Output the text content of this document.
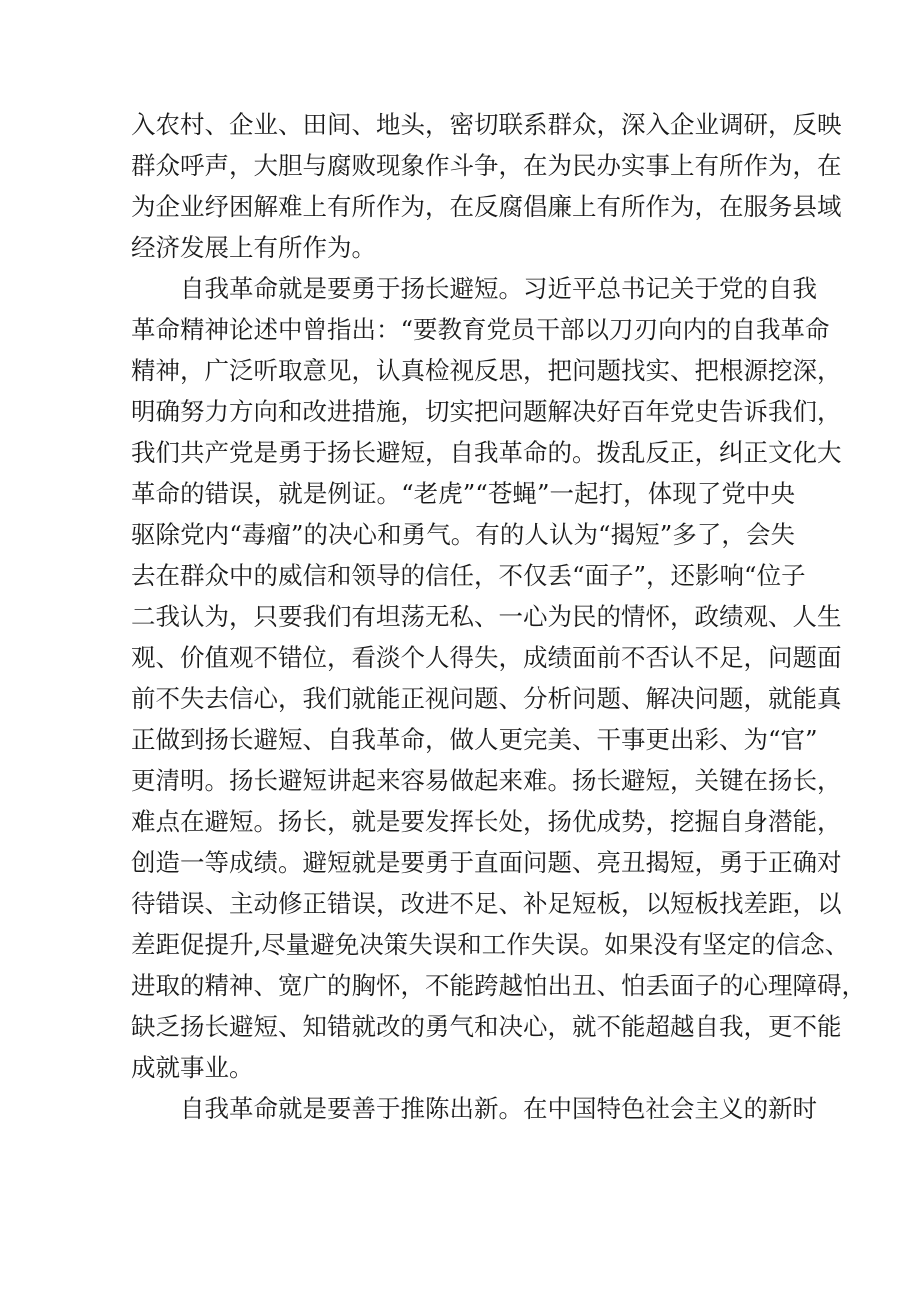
入农村、企业、田间、地头，密切联系群众，深入企业调研，反映
群众呼声，大胆与腐败现象作斗争，在为民办实事上有所作为，在
为企业纾困解难上有所作为，在反腐倡廉上有所作为，在服务县域
经济发展上有所作为。
自我革命就是要勇于扬长避短。习近平总书记关于党的自我
革命精神论述中曾指出：“要教育党员干部以刀刃向内的自我革命
精神，广泛听取意见，认真检视反思，把问题找实、把根源挖深，
明确努力方向和改进措施，切实把问题解决好百年党史告诉我们，
我们共产党是勇于扬长避短，自我革命的。拨乱反正，纠正文化大
革命的错误，就是例证。“老虎”“苍蝇”一起打，体现了党中央
驱除党内“毒瘤”的决心和勇气。有的人认为“揭短”多了，会失
去在群众中的威信和领导的信任，不仅丢“面子”，还影响“位子
二我认为，只要我们有坦荡无私、一心为民的情怀，政绩观、人生
观、价值观不错位，看淡个人得失，成绩面前不否认不足，问题面
前不失去信心，我们就能正视问题、分析问题、解决问题，就能真
正做到扬长避短、自我革命，做人更完美、干事更出彩、为“官”
更清明。扬长避短讲起来容易做起来难。扬长避短，关键在扬长，
难点在避短。扬长，就是要发挥长处，扬优成势，挖掘自身潜能，
创造一等成绩。避短就是要勇于直面问题、亮丑揭短，勇于正确对
待错误、主动修正错误，改进不足、补足短板，以短板找差距，以
差距促提升,尽量避免决策失误和工作失误。如果没有坚定的信念、
进取的精神、宽广的胸怀，不能跨越怕出丑、怕丢面子的心理障碍，
缺乏扬长避短、知错就改的勇气和决心，就不能超越自我，更不能
成就事业。
自我革命就是要善于推陈出新。在中国特色社会主义的新时
